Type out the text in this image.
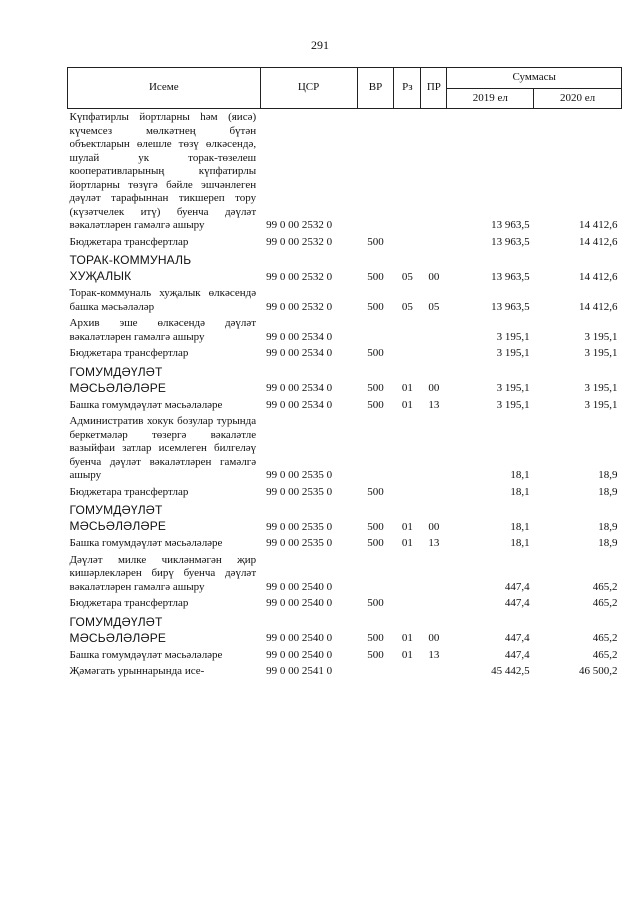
291
Исеме	ЦСР	ВР	Рз	ПР	Суммасы	
					2019 ел	2020 ел
Күпфатирлы йортларны һәм (яисә) күчемсез мөлкәтнең бүтән объектларын өлешле төзү өлкәсендә, шулай ук торак-төзелеш кооперативларының күпфатирлы йортларны төзүгә бәйле эшчәнлеген дәүләт тарафыннан тикшереп тору (күзәтчелек итү) буенча дәүләт вәкаләтләрен гамәлгә ашыру	99 0 00 2532 0				13 963,5	14 412,6
Бюджетара трансфертлар	99 0 00 2532 0	500			13 963,5	14 412,6
ТОРАК-КОММУНАЛЬ ХУҖАЛЫК	99 0 00 2532 0	500	05	00	13 963,5	14 412,6
Торак-коммуналь хуҗалык өлкәсендә башка мәсьәләләр	99 0 00 2532 0	500	05	05	13 963,5	14 412,6
Архив эше өлкәсендә дәүләт вәкаләтләрен гамәлгә ашыру	99 0 00 2534 0				3 195,1	3 195,1
Бюджетара трансфертлар	99 0 00 2534 0	500			3 195,1	3 195,1
ГОМУМДӘҮЛӘТ МӘСЬӘЛӘЛӘРЕ	99 0 00 2534 0	500	01	00	3 195,1	3 195,1
Башка гомумдәүләт мәсьәләләре	99 0 00 2534 0	500	01	13	3 195,1	3 195,1
Административ хокук бозулар турында беркетмәләр төзергә вәкаләтле вазыйфаи затлар исемлеген билгеләү буенча дәүләт вәкаләтләрен гамәлгә ашыру	99 0 00 2535 0				18,1	18,9
Бюджетара трансфертлар	99 0 00 2535 0	500			18,1	18,9
ГОМУМДӘҮЛӘТ МӘСЬӘЛӘЛӘРЕ	99 0 00 2535 0	500	01	00	18,1	18,9
Башка гомумдәүләт мәсьәләләре	99 0 00 2535 0	500	01	13	18,1	18,9
Дәүләт милке чикләнмәгән җир кишәрлекләрен бирү буенча дәүләт вәкаләтләрен гамәлгә ашыру	99 0 00 2540 0				447,4	465,2
Бюджетара трансфертлар	99 0 00 2540 0	500			447,4	465,2
ГОМУМДӘҮЛӘТ МӘСЬӘЛӘЛӘРЕ	99 0 00 2540 0	500	01	00	447,4	465,2
Башка гомумдәүләт мәсьәләләре	99 0 00 2540 0	500	01	13	447,4	465,2
Җәмәгать урыннарында исе-	99 0 00 2541 0				45 442,5	46 500,2
